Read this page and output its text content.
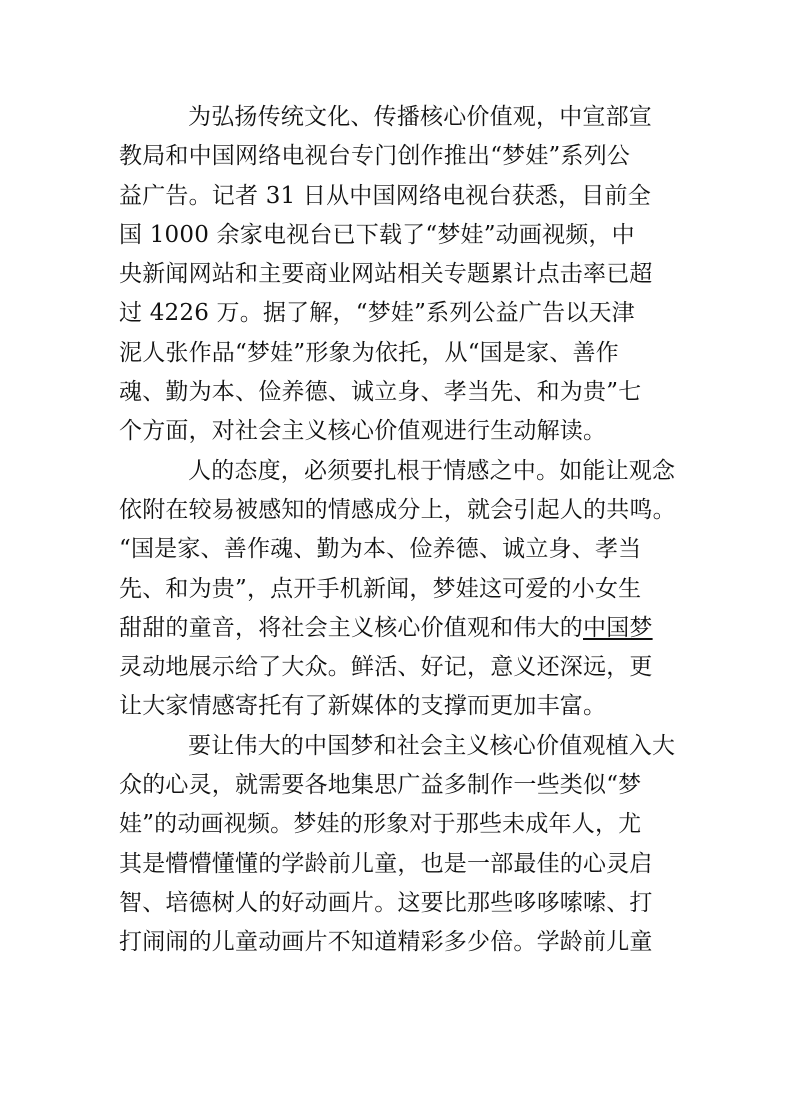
为弘扬传统文化、传播核心价值观，中宣部宣
教局和中国网络电视台专门创作推出“梦娃”系列公
益广告。记者 31 日从中国网络电视台获悉，目前全
国 1000 余家电视台已下载了“梦娃”动画视频，中
央新闻网站和主要商业网站相关专题累计点击率已超
过 4226 万。据了解，“梦娃”系列公益广告以天津
泥人张作品“梦娃”形象为依托，从“国是家、善作
魂、勤为本、俭养德、诚立身、孝当先、和为贵”七
个方面，对社会主义核心价值观进行生动解读。
人的态度，必须要扎根于情感之中。如能让观念
依附在较易被感知的情感成分上，就会引起人的共鸣。
“国是家、善作魂、勤为本、俭养德、诚立身、孝当
先、和为贵”，点开手机新闻，梦娃这可爱的小女生
甜甜的童音，将社会主义核心价值观和伟大的 中国梦
灵动地展示给了大众。鲜活、好记，意义还深远，更
让大家情感寄托有了新媒体的支撑而更加丰富。
要让伟大的中国梦和社会主义核心价值观植入大
众的心灵，就需要各地集思广益多制作一些类似“梦
娃”的动画视频。梦娃的形象对于那些未成年人，尤
其是懵懵懂懂的学龄前儿童，也是一部最佳的心灵启
智、培德树人的好动画片。这要比那些哆哆嗦嗦、打
打闹闹的儿童动画片不知道精彩多少倍。学龄前儿童
